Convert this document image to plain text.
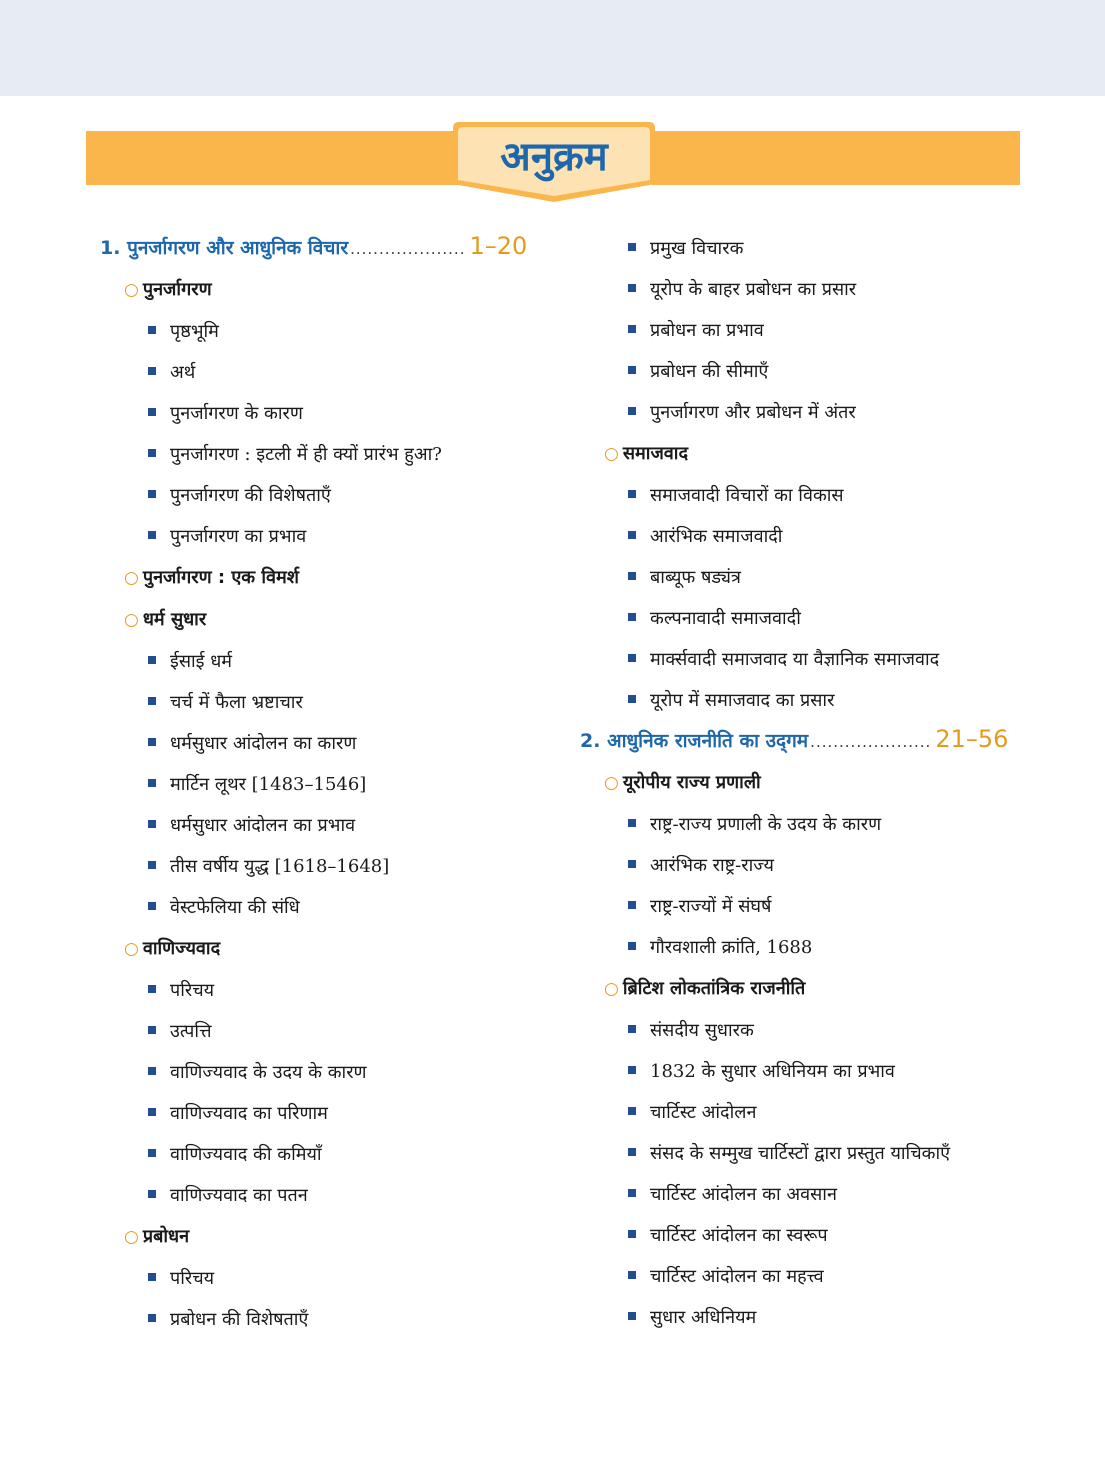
अनुक्रम
1.
पुनर्जागरण और आधुनिक विचार .................... 1–20
○ पुनर्जागरण
पृष्ठभूमि
अर्थ
पुनर्जागरण के कारण
पुनर्जागरण : इटली में ही क्यों प्रारंभ हुआ?
पुनर्जागरण की विशेषताएँ
पुनर्जागरण का प्रभाव
○ पुनर्जागरण : एक विमर्श
○ धर्म सुधार
ईसाई धर्म
चर्च में फैला भ्रष्टाचार
धर्मसुधार आंदोलन का कारण
मार्टिन लूथर [1483–1546]
धर्मसुधार आंदोलन का प्रभाव
तीस वर्षीय युद्ध [1618–1648]
वेस्टफेलिया की संधि
○ वाणिज्यवाद
परिचय
उत्पत्ति
वाणिज्यवाद के उदय के कारण
वाणिज्यवाद का परिणाम
वाणिज्यवाद की कमियाँ
वाणिज्यवाद का पतन
○ प्रबोधन
परिचय
प्रबोधन की विशेषताएँ
प्रमुख विचारक
यूरोप के बाहर प्रबोधन का प्रसार
प्रबोधन का प्रभाव
प्रबोधन की सीमाएँ
पुनर्जागरण और प्रबोधन में अंतर
○ समाजवाद
समाजवादी विचारों का विकास
आरंभिक समाजवादी
बाब्यूफ षड्यंत्र
कल्पनावादी समाजवादी
मार्क्सवादी समाजवाद या वैज्ञानिक समाजवाद
यूरोप में समाजवाद का प्रसार
2.
आधुनिक राजनीति का उद्‌गम ..................... 21–56
○ यूरोपीय राज्य प्रणाली
राष्ट्र-राज्य प्रणाली के उदय के कारण
आरंभिक राष्ट्र-राज्य
राष्ट्र-राज्यों में संघर्ष
गौरवशाली क्रांति, 1688
○ ब्रिटिश लोकतांत्रिक राजनीति
संसदीय सुधारक
1832 के सुधार अधिनियम का प्रभाव
चार्टिस्ट आंदोलन
संसद के सम्मुख चार्टिस्टों द्वारा प्रस्तुत याचिकाएँ
चार्टिस्ट आंदोलन का अवसान
चार्टिस्ट आंदोलन का स्वरूप
चार्टिस्ट आंदोलन का महत्त्व
सुधार अधिनियम
